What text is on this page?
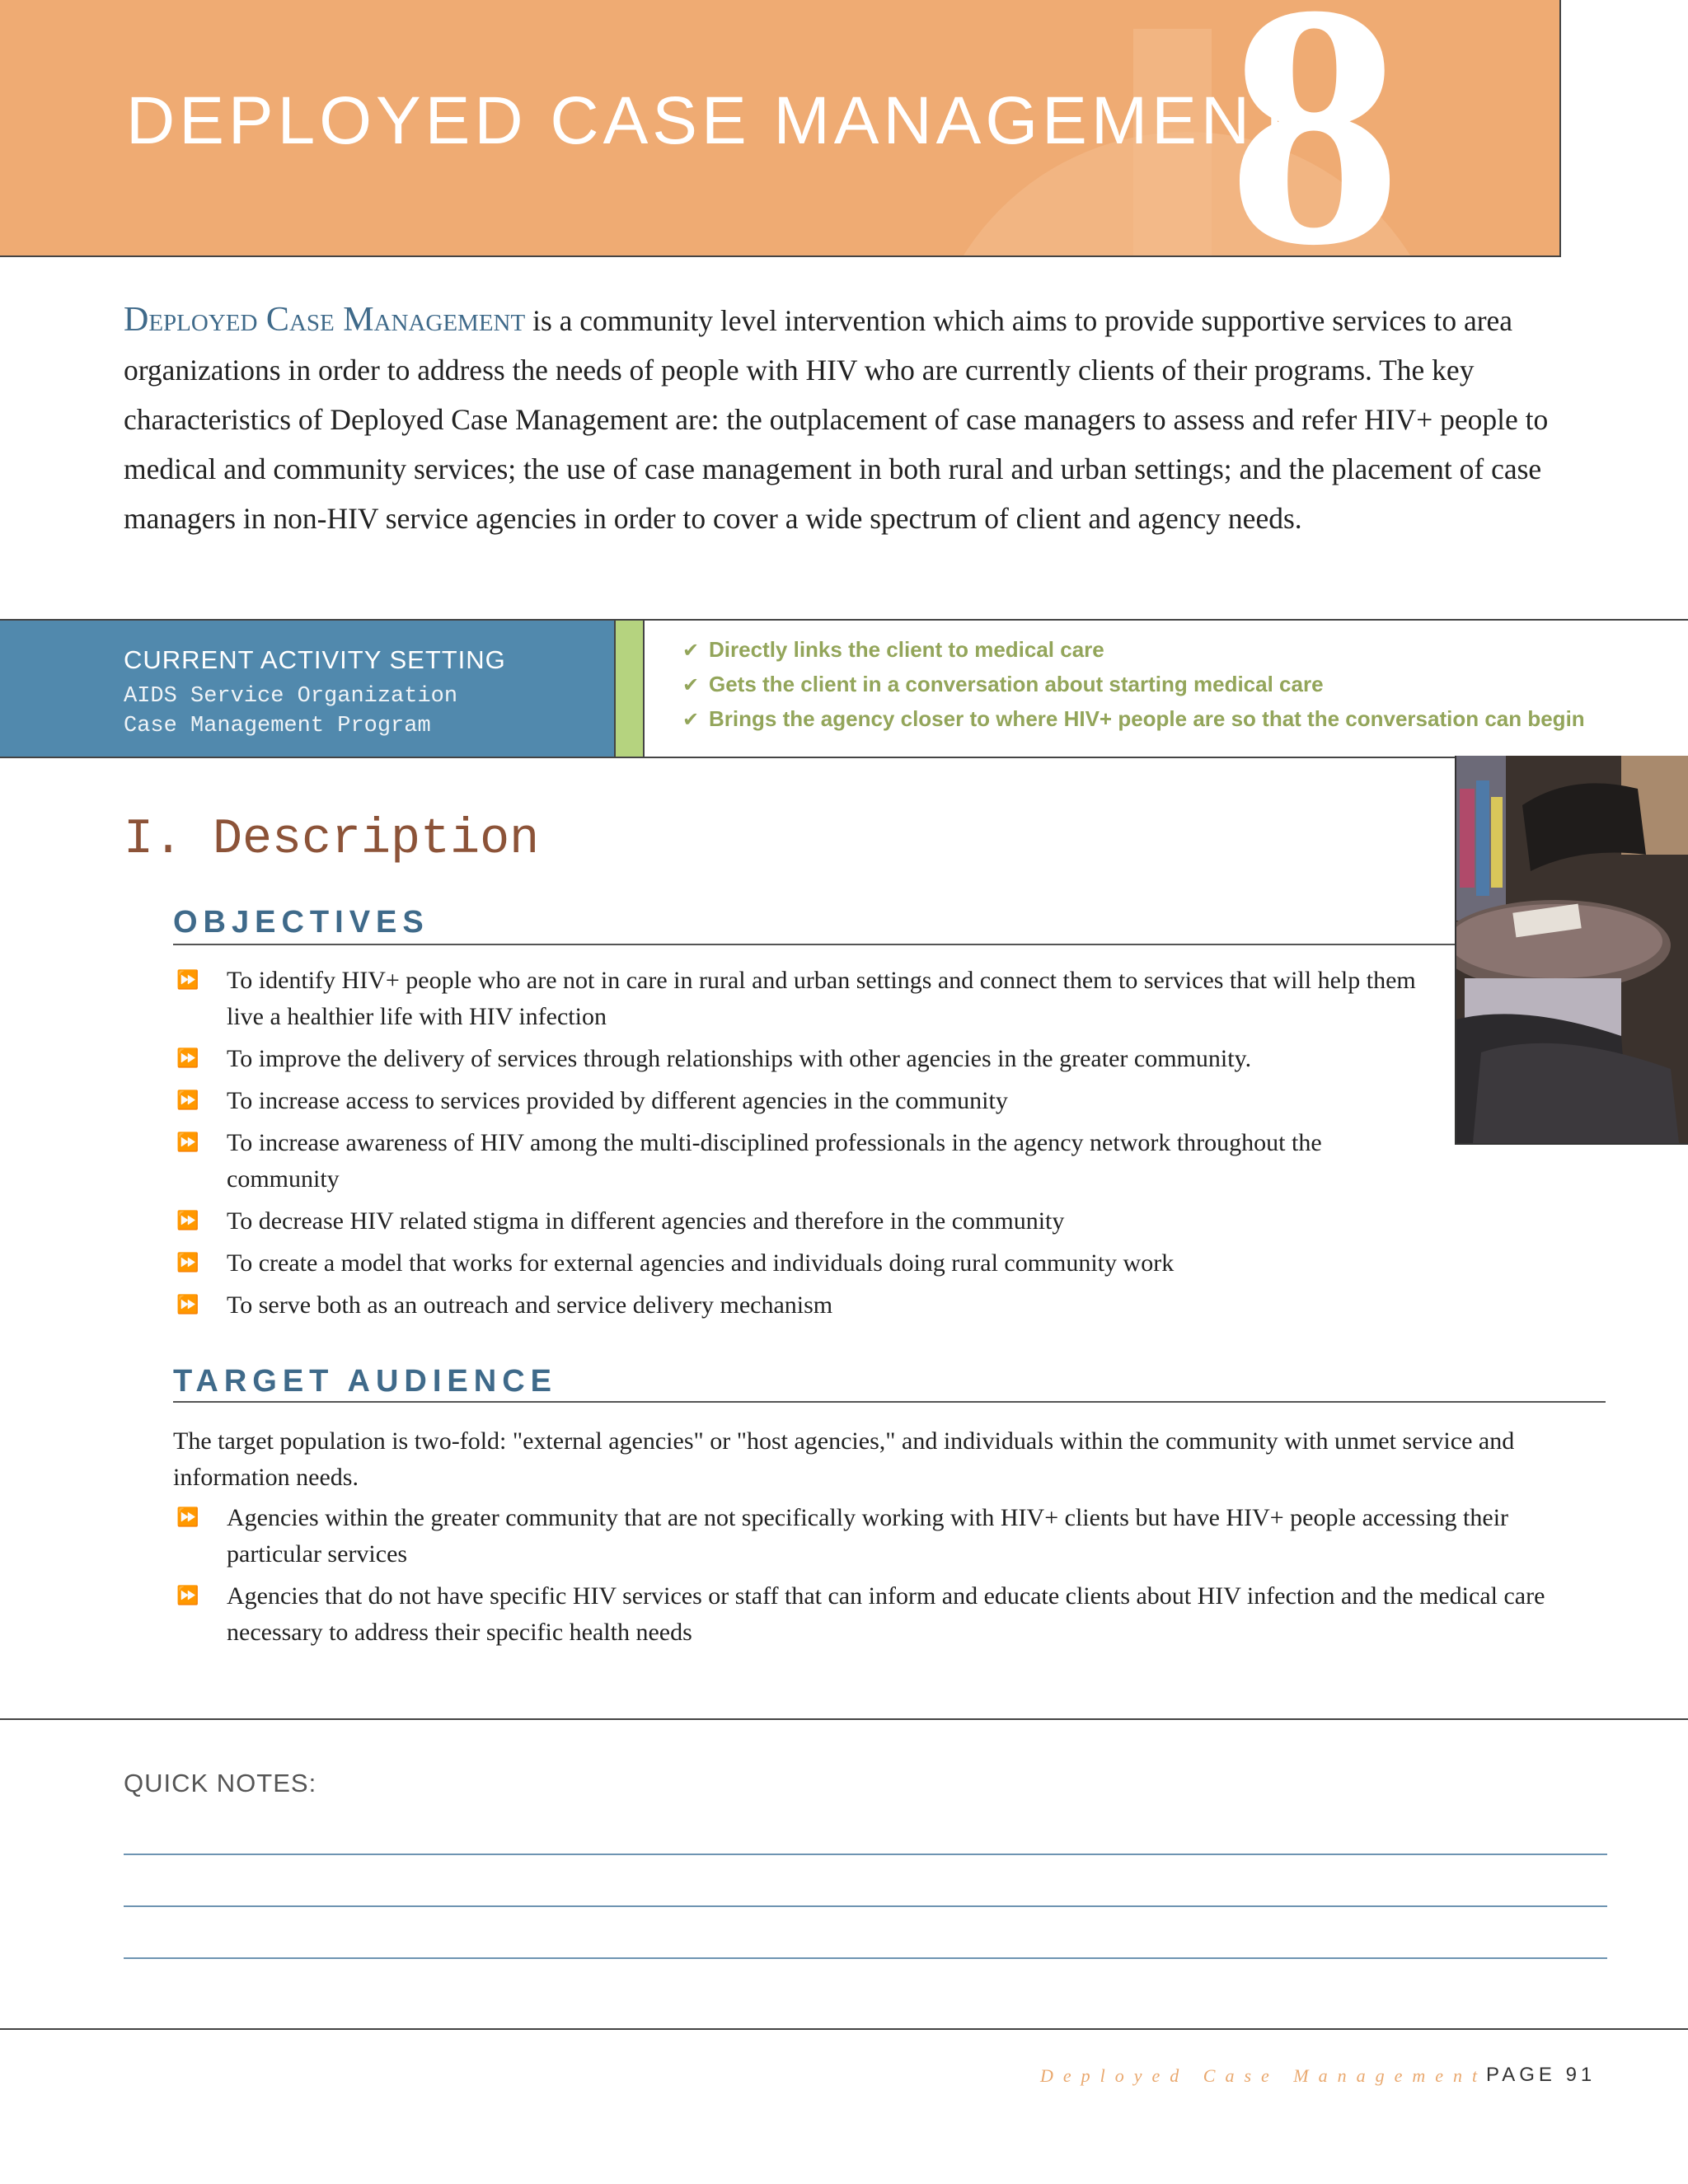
DEPLOYED CASE MANAGEMENT
8
Deployed Case Management is a community level intervention which aims to provide supportive services to area organizations in order to address the needs of people with HIV who are currently clients of their programs. The key characteristics of Deployed Case Management are: the outplacement of case managers to assess and refer HIV+ people to medical and community services; the use of case management in both rural and urban settings; and the placement of case managers in non-HIV service agencies in order to cover a wide spectrum of client and agency needs.
CURRENT ACTIVITY SETTING
AIDS Service Organization
Case Management Program
✔ Directly links the client to medical care
✔ Gets the client in a conversation about starting medical care
✔ Brings the agency closer to where HIV+ people are so that the conversation can begin
I. Description
OBJECTIVES
⏩ To identify HIV+ people who are not in care in rural and urban settings and connect them to services that will help them live a healthier life with HIV infection
⏩ To improve the delivery of services through relationships with other agencies in the greater community.
⏩ To increase access to services provided by different agencies in the community
⏩ To increase awareness of HIV among the multi-disciplined professionals in the agency network throughout the community
⏩ To decrease HIV related stigma in different agencies and therefore in the community
⏩ To create a model that works for external agencies and individuals doing rural community work
⏩ To serve both as an outreach and service delivery mechanism
TARGET AUDIENCE
The target population is two-fold: "external agencies" or "host agencies," and individuals within the community with unmet service and information needs.
⏩ Agencies within the greater community that are not specifically working with HIV+ clients but have HIV+ people accessing their particular services
⏩ Agencies that do not have specific HIV services or staff that can inform and educate clients about HIV infection and the medical care necessary to address their specific health needs
QUICK NOTES:
Deployed Case Management
PAGE 91
